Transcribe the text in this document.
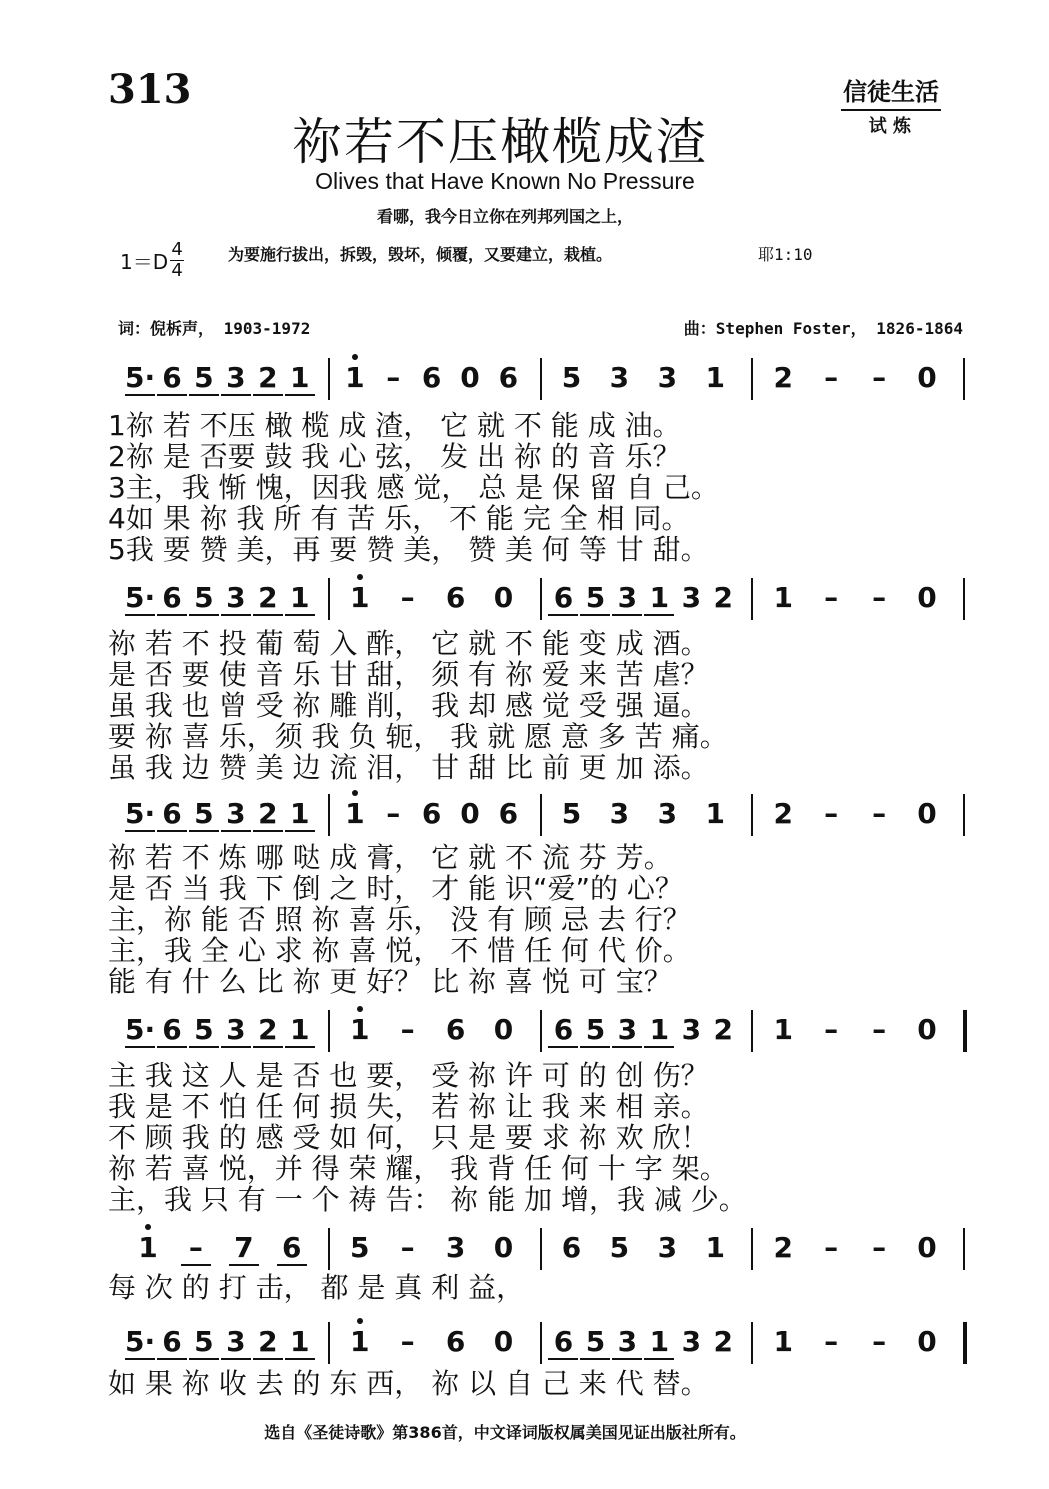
313	信徒生活
试 炼
祢若不压橄榄成渣
Olives that Have Known No Pressure
看哪，我今日立你在列邦列国之上，
$1=D \frac{4}{4}$	为要施行拔出，拆毁，毁坏，倾覆，又要建立，栽植。	耶1:10
词：倪柝声， 1903-1972	曲：Stephen Foster， 1826-1864
5· 6 5 3 2 1 1 – 6 0 6 5 3 3 1 2 – – 0
1祢 若 不压 橄 榄 成 渣， 它 就 不 能 成 油。
2祢 是 否要 鼓 我 心 弦， 发 出 祢 的 音 乐？
3主，我 惭 愧，因我 感 觉， 总 是 保 留 自 己。
4如 果 祢 我 所 有 苦 乐， 不 能 完 全 相 同。
5我 要 赞 美，再 要 赞 美， 赞 美 何 等 甘 甜。
5· 6 5 3 2 1 1 – 6 0 6 5 3 1 3 2 1 – – 0
祢 若 不 投 葡 萄 入 酢， 它 就 不 能 变 成 酒。
是 否 要 使 音 乐 甘 甜， 须 有 祢 爱 来 苦 虐？
虽 我 也 曾 受 祢 雕 削， 我 却 感 觉 受 强 逼。
要 祢 喜 乐，须 我 负 轭， 我 就 愿 意 多 苦 痛。
虽 我 边 赞 美 边 流 泪， 甘 甜 比 前 更 加 添。
5· 6 5 3 2 1 1 – 6 0 6 5 3 3 1 2 – – 0
祢 若 不 炼 哪 哒 成 膏， 它 就 不 流 芬 芳。
是 否 当 我 下 倒 之 时， 才 能 识“爱”的 心？
主，祢 能 否 照 祢 喜 乐， 没 有 顾 忌 去 行？
主，我 全 心 求 祢 喜 悦， 不 惜 任 何 代 价。
能 有 什 么 比 祢 更 好？ 比 祢 喜 悦 可 宝？
5· 6 5 3 2 1 1 – 6 0 6 5 3 1 3 2 1 – – 0
主 我 这 人 是 否 也 要， 受 祢 许 可 的 创 伤？
我 是 不 怕 任 何 损 失， 若 祢 让 我 来 相 亲。
不 顾 我 的 感 受 如 何， 只 是 要 求 祢 欢 欣！
祢 若 喜 悦，并 得 荣 耀， 我 背 任 何 十 字 架。
主，我 只 有 一 个 祷 告： 祢 能 加 增，我 减 少。
1 – 7 6 5 – 3 0 6 5 3 1 2 – – 0
每 次 的 打 击， 都 是 真 利 益，
5· 6 5 3 2 1 1 – 6 0 6 5 3 1 3 2 1 – – 0
如 果 祢 收 去 的 东 西， 祢 以 自 己 来 代 替。
选自《圣徒诗歌》第386首，中文译词版权属美国见证出版社所有。
